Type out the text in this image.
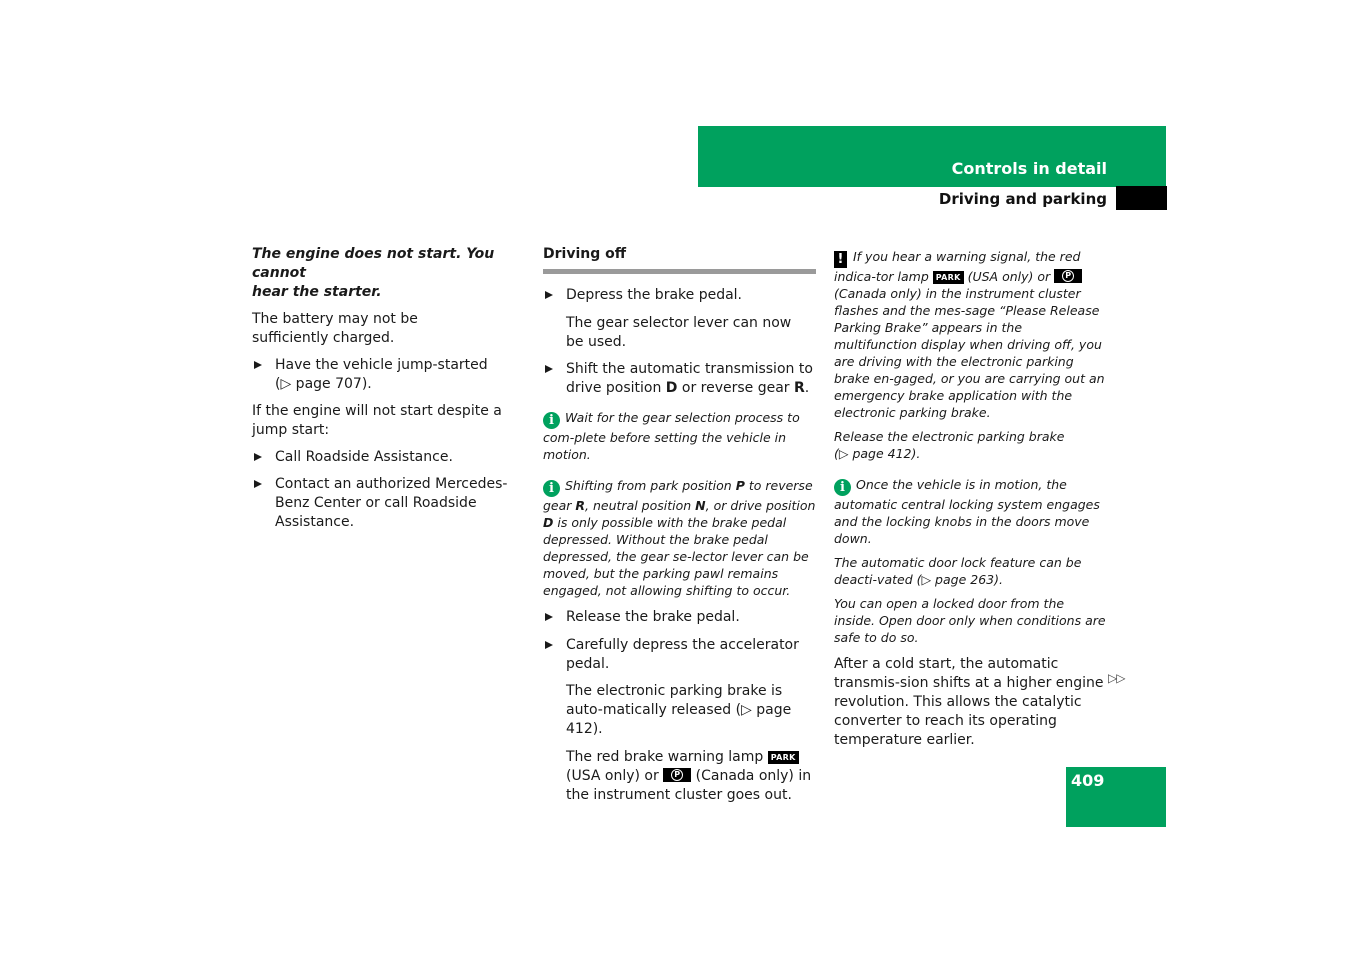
Controls in detail
Driving and parking

The engine does not start. You cannot
hear the starter.

The battery may not be sufficiently charged.

Have the vehicle jump-started
(▷ page 707).

If the engine will not start despite a jump start:

Call Roadside Assistance.
Contact an authorized Mercedes-Benz Center or call Roadside Assistance.

Driving off

Depress the brake pedal.

The gear selector lever can now be used.

Shift the automatic transmission to drive position D or reverse gear R.

i Wait for the gear selection process to com-plete before setting the vehicle in motion.

i Shifting from park position P to reverse gear R, neutral position N, or drive position D is only possible with the brake pedal depressed. Without the brake pedal depressed, the gear se-lector lever can be moved, but the parking pawl remains engaged, not allowing shifting to occur.

Release the brake pedal.
Carefully depress the accelerator pedal.

The electronic parking brake is auto-matically released (▷ page 412).

The red brake warning lamp PARK (USA only) or	P (Canada only) in the instrument cluster goes out.

! If you hear a warning signal, the red indica-tor lamp PARK (USA only) or	P
(Canada only) in the instrument cluster flashes and the mes-sage “Please Release Parking Brake” appears in the multifunction display when driving off, you are driving with the electronic parking brake en-gaged, or you are carrying out an emergency brake application with the electronic parking brake.

Release the electronic parking brake
(▷ page 412).

i Once the vehicle is in motion, the automatic central locking system engages and the locking knobs in the doors move down.

The automatic door lock feature can be deacti-vated (▷ page 263).

You can open a locked door from the inside. Open door only when conditions are safe to do so.

After a cold start, the automatic transmis-sion shifts at a higher engine revolution. This allows the catalytic converter to reach its operating temperature earlier.

▷▷
409
